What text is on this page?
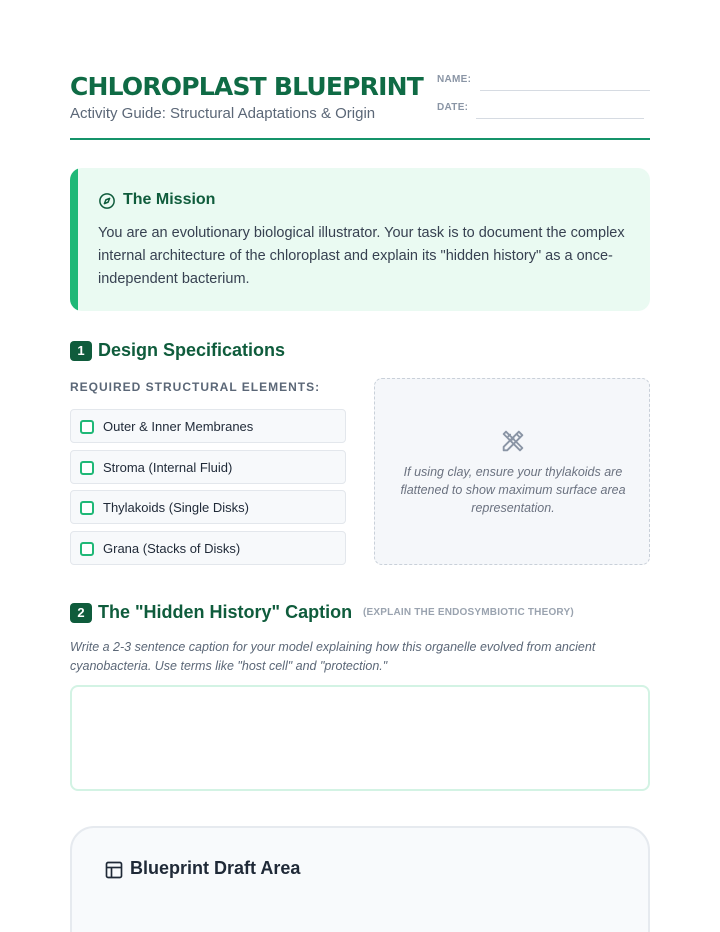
CHLOROPLAST BLUEPRINT
Activity Guide: Structural Adaptations & Origin
NAME:
DATE:
The Mission
You are an evolutionary biological illustrator. Your task is to document the complex internal architecture of the chloroplast and explain its "hidden history" as a once-independent bacterium.
1 Design Specifications
REQUIRED STRUCTURAL ELEMENTS:
Outer & Inner Membranes
Stroma (Internal Fluid)
Thylakoids (Single Disks)
Grana (Stacks of Disks)
If using clay, ensure your thylakoids are flattened to show maximum surface area representation.
2 The "Hidden History" Caption (EXPLAIN THE ENDOSYMBIOTIC THEORY)
Write a 2-3 sentence caption for your model explaining how this organelle evolved from ancient cyanobacteria. Use terms like "host cell" and "protection."
Blueprint Draft Area
